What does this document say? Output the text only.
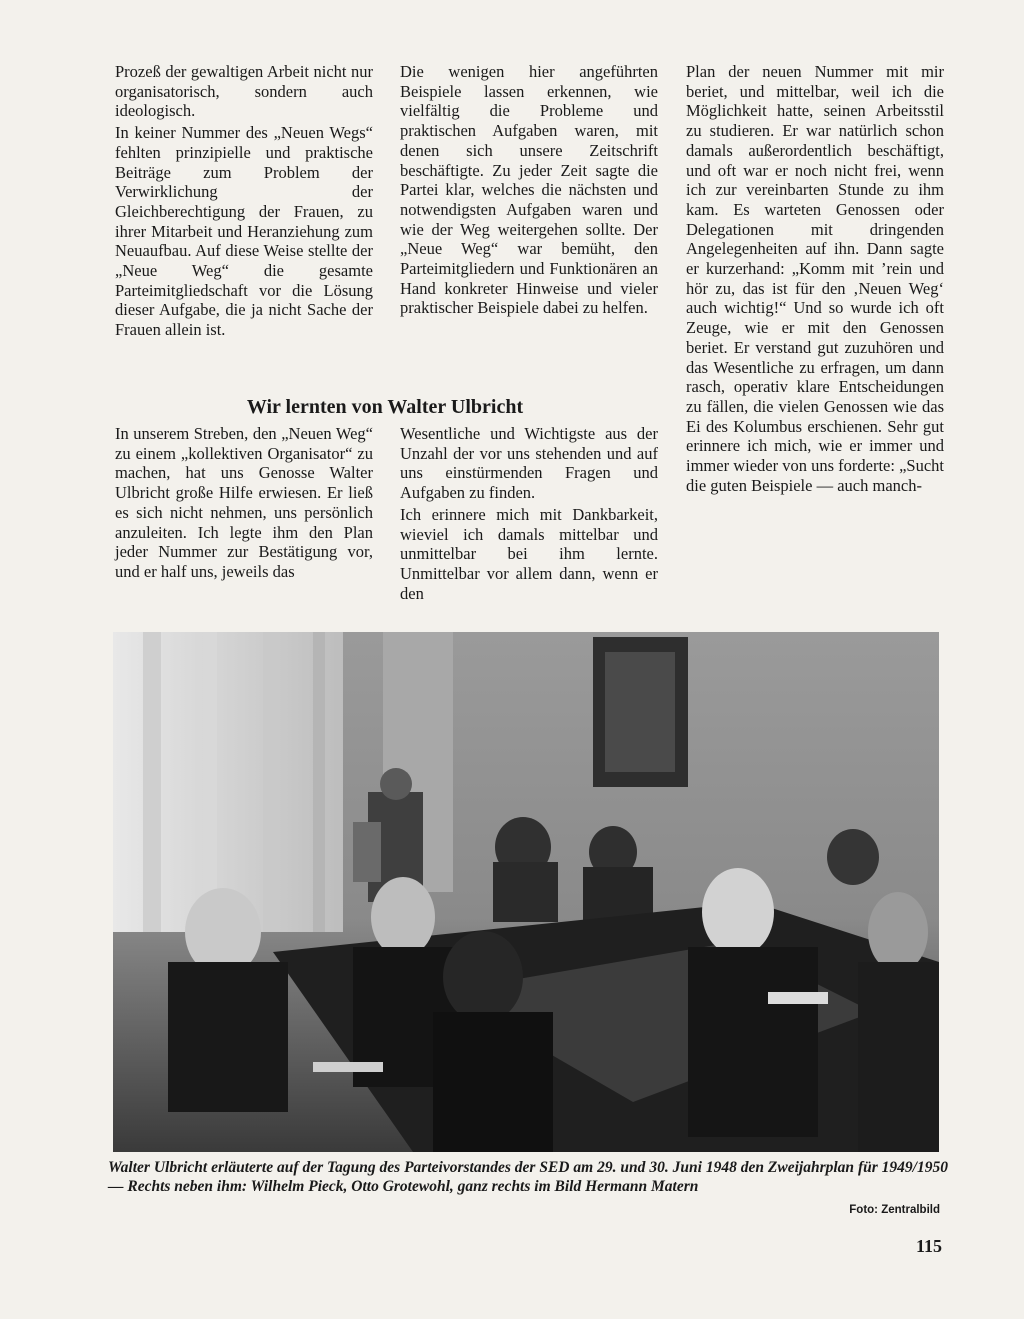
Prozeß der gewaltigen Arbeit nicht nur organisatorisch, sondern auch ideologisch.

In keiner Nummer des „Neuen Wegs“ fehlten prinzipielle und praktische Beiträge zum Problem der Verwirklichung der Gleichberechtigung der Frauen, zu ihrer Mitarbeit und Heranziehung zum Neuaufbau. Auf diese Weise stellte der „Neue Weg“ die gesamte Parteimitgliedschaft vor die Lösung dieser Aufgabe, die ja nicht Sache der Frauen allein ist.

Die wenigen hier angeführten Beispiele lassen erkennen, wie vielfältig die Probleme und praktischen Aufgaben waren, mit denen sich unsere Zeitschrift beschäftigte. Zu jeder Zeit sagte die Partei klar, welches die nächsten und notwendigsten Aufgaben waren und wie der Weg weitergehen sollte. Der „Neue Weg“ war bemüht, den Parteimitgliedern und Funktionären an Hand konkreter Hinweise und vieler praktischer Beispiele dabei zu helfen.

Plan der neuen Nummer mit mir beriet, und mittelbar, weil ich die Möglichkeit hatte, seinen Arbeitsstil zu studieren. Er war natürlich schon damals außerordentlich beschäftigt, und oft war er noch nicht frei, wenn ich zur vereinbarten Stunde zu ihm kam. Es warteten Genossen oder Delegationen mit dringenden Angelegenheiten auf ihn. Dann sagte er kurzerhand: „Komm mit ’rein und hör zu, das ist für den ‚Neuen Weg‘ auch wichtig!“ Und so wurde ich oft Zeuge, wie er mit den Genossen beriet. Er verstand gut zuzuhören und das Wesentliche zu erfragen, um dann rasch, operativ klare Entscheidungen zu fällen, die vielen Genossen wie das Ei des Kolumbus erschienen. Sehr gut erinnere ich mich, wie er immer und immer wieder von uns forderte: „Sucht die guten Beispiele — auch manch-

Wir lernten von Walter Ulbricht

In unserem Streben, den „Neuen Weg“ zu einem „kollektiven Organisator“ zu machen, hat uns Genosse Walter Ulbricht große Hilfe erwiesen. Er ließ es sich nicht nehmen, uns persönlich anzuleiten. Ich legte ihm den Plan jeder Nummer zur Bestätigung vor, und er half uns, jeweils das

Wesentliche und Wichtigste aus der Unzahl der vor uns stehenden und auf uns einstürmenden Fragen und Aufgaben zu finden.

Ich erinnere mich mit Dankbarkeit, wieviel ich damals mittelbar und unmittelbar bei ihm lernte. Unmittelbar vor allem dann, wenn er den

Walter Ulbricht erläuterte auf der Tagung des Parteivorstandes der SED am 29. und 30. Juni 1948 den Zweijahrplan für 1949/1950 — Rechts neben ihm: Wilhelm Pieck, Otto Grotewohl, ganz rechts im Bild Hermann Matern
Foto: Zentralbild
115
